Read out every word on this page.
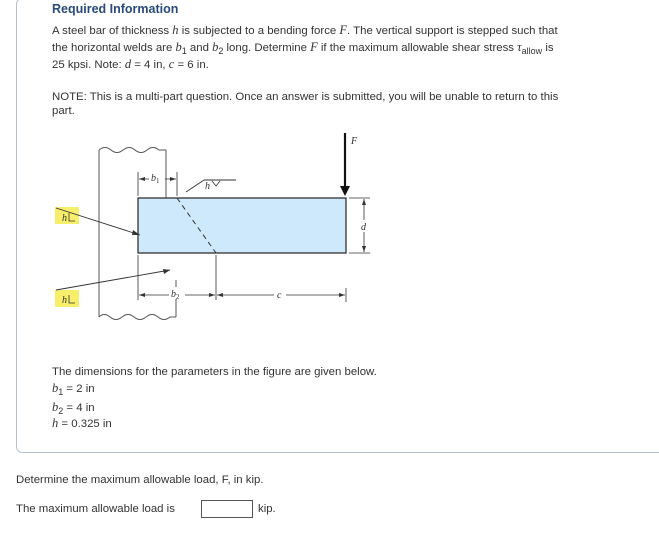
Required Information
A steel bar of thickness h is subjected to a bending force F. The vertical support is stepped such that
the horizontal welds are $b_1$ and $b_2$ long. Determine F if the maximum allowable shear stress $\tau_{allow}$ is
25 kpsi. Note: d = 4 in, c = 6 in.
NOTE: This is a multi-part question. Once an answer is submitted, you will be unable to return to this
part.
h
h
h
$b_1$
$b_2$	c
F
d
The dimensions for the parameters in the figure are given below.
$b_1 = 2$ in
$b_2 = 4$ in
h = 0.325 in
Determine the maximum allowable load, F, in kip.
The maximum allowable load is	kip.
